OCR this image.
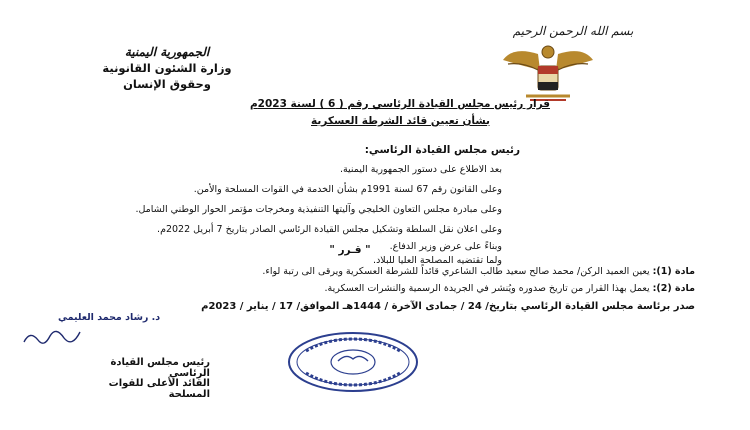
الجمهورية اليمنية
وزارة الشئون القانونية
وحقوق الإنسان
بسم الله الرحمن الرحيم
قرار رئيس مجلس القيادة الرئاسي رقم ( 6 ) لسنة 2023م
بشأن تعيين قائد الشرطة العسكرية
رئيس مجلس القيادة الرئاسي:
بعد الاطلاع على دستور الجمهورية اليمنية.
وعلى القانون رقم 67 لسنة 1991م بشأن الخدمة في القوات المسلحة والأمن.
وعلى مبادرة مجلس التعاون الخليجي وآليتها التنفيذية ومخرجات مؤتمر الحوار الوطني الشامل.
وعلى اعلان نقل السلطة وتشكيل مجلس القيادة الرئاسي الصادر بتاريخ 7 أبريل 2022م.
وبناءً على عرض وزير الدفاع.
ولما تقتضيه المصلحة العليا للبلاد.
" قـرر "
مادة (1): يعين العميد الركن/ محمد صالح سعيد طالب الشاعري قائداً للشرطة العسكرية ويرقى الى رتبة لواء.
مادة (2): يعمل بهذا القرار من تاريخ صدوره ويُنشر في الجريدة الرسمية والنشرات العسكرية.
صدر برئاسة مجلس القيادة الرئاسي بتاريخ/ 24 / جمادى الآخرة / 1444هـ الموافق/ 17 / يناير / 2023م
د. رشاد محمد العليمي
رئيس مجلس القيادة الرئاسي
القائد الأعلى للقوات المسلحة
